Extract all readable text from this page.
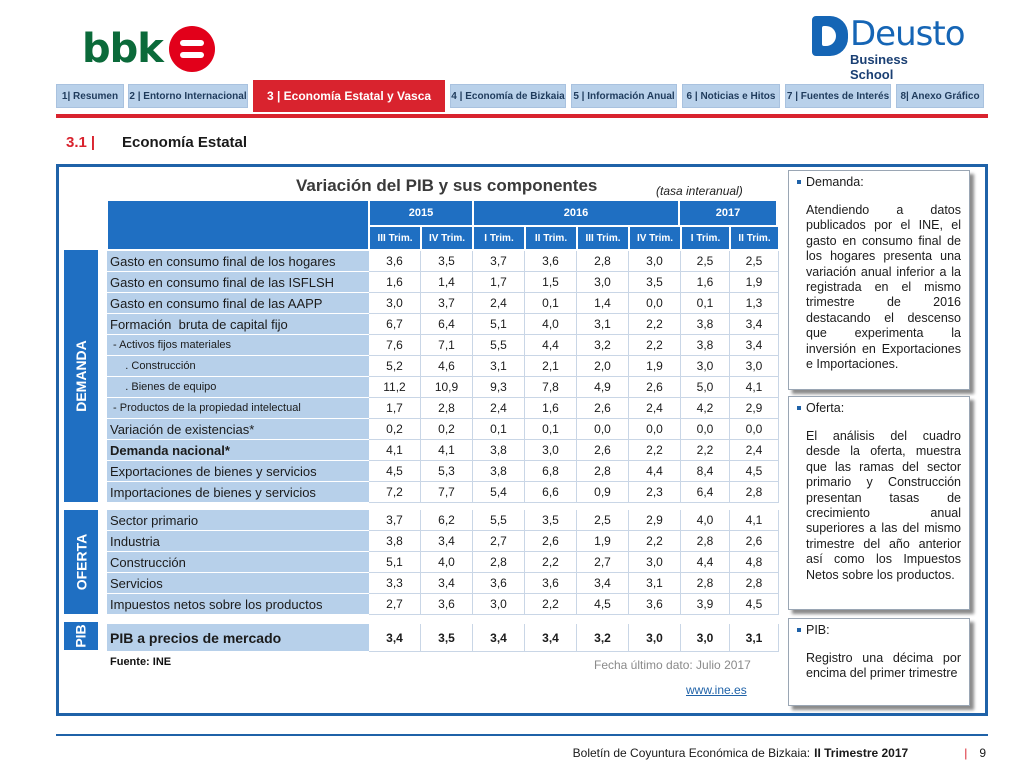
bbk	Deusto
Business School
1| Resumen	2 | Entorno Internacional	3 | Economía Estatal y Vasca	4 | Economía de Bizkaia 5 | Información Anual	6 | Noticias e Hitos	7 | Fuentes de Interés	8| Anexo Gráfico
3.1 |	Economía Estatal
Variación del PIB y sus componentes	(tasa interanual)
2015	2016	2017
III Trim.	IV Trim.	I Trim.	II Trim.	III Trim.	IV Trim.	I Trim.	II Trim.
DEMANDA
OFERTA
PIB
Gasto en consumo final de los hogares	3,6	3,5	3,7	3,6	2,8	3,0	2,5	2,5
Gasto en consumo final de las ISFLSH	1,6	1,4	1,7	1,5	3,0	3,5	1,6	1,9
Gasto en consumo final de las AAPP	3,0	3,7	2,4	0,1	1,4	0,0	0,1	1,3
Formación  bruta de capital fijo	6,7	6,4	5,1	4,0	3,1	2,2	3,8	3,4
- Activos fijos materiales	7,6	7,1	5,5	4,4	3,2	2,2	3,8	3,4
. Construcción	5,2	4,6	3,1	2,1	2,0	1,9	3,0	3,0
. Bienes de equipo	11,2	10,9	9,3	7,8	4,9	2,6	5,0	4,1
- Productos de la propiedad intelectual	1,7	2,8	2,4	1,6	2,6	2,4	4,2	2,9
Variación de existencias*	0,2	0,2	0,1	0,1	0,0	0,0	0,0	0,0
Demanda nacional*	4,1	4,1	3,8	3,0	2,6	2,2	2,2	2,4
Exportaciones de bienes y servicios	4,5	5,3	3,8	6,8	2,8	4,4	8,4	4,5
Importaciones de bienes y servicios	7,2	7,7	5,4	6,6	0,9	2,3	6,4	2,8
Sector primario	3,7	6,2	5,5	3,5	2,5	2,9	4,0	4,1
Industria	3,8	3,4	2,7	2,6	1,9	2,2	2,8	2,6
Construcción	5,1	4,0	2,8	2,2	2,7	3,0	4,4	4,8
Servicios	3,3	3,4	3,6	3,6	3,4	3,1	2,8	2,8
Impuestos netos sobre los productos	2,7	3,6	3,0	2,2	4,5	3,6	3,9	4,5
PIB a precios de mercado	3,4	3,5	3,4	3,4	3,2	3,0	3,0	3,1
Fuente: INE	Fecha último dato: Julio 2017
www.ine.es
Demanda:
Atendiendo a datos publicados por el INE, el gasto en consumo final de los hogares presenta una variación anual inferior a la registrada en el mismo trimestre de 2016 destacando el descenso que experimenta la inversión en Exportaciones e Importaciones.
Oferta:
El análisis del cuadro desde la oferta, muestra que las ramas del sector primario y Construcción presentan tasas de crecimiento anual superiores a las del mismo trimestre del año anterior así como los Impuestos Netos sobre los productos.
PIB:
Registro una décima por encima del primer trimestre
Boletín de Coyuntura Económica de Bizkaia: II Trimestre 2017	| 9
